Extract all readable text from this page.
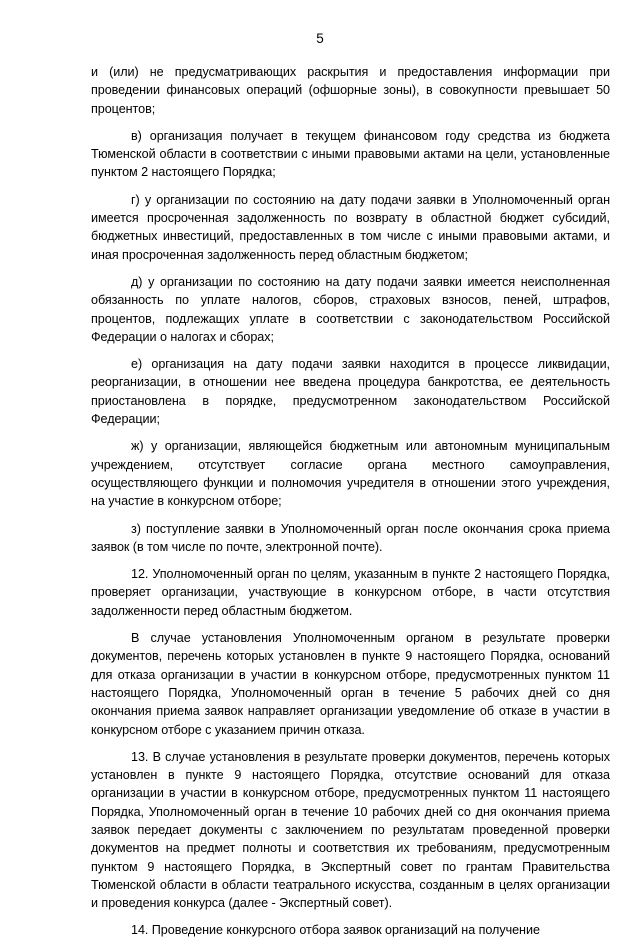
5

и (или) не предусматривающих раскрытия и предоставления информации при проведении финансовых операций (офшорные зоны), в совокупности превышает 50 процентов;

в) организация получает в текущем финансовом году средства из бюджета Тюменской области в соответствии с иными правовыми актами на цели, установленные пунктом 2 настоящего Порядка;

г) у организации по состоянию на дату подачи заявки в Уполномоченный орган имеется просроченная задолженность по возврату в областной бюджет субсидий, бюджетных инвестиций, предоставленных в том числе с иными правовыми актами, и иная просроченная задолженность перед областным бюджетом;

д) у организации по состоянию на дату подачи заявки имеется неисполненная обязанность по уплате налогов, сборов, страховых взносов, пеней, штрафов, процентов, подлежащих уплате в соответствии с законодательством Российской Федерации о налогах и сборах;

е) организация на дату подачи заявки находится в процессе ликвидации, реорганизации, в отношении нее введена процедура банкротства, ее деятельность приостановлена в порядке, предусмотренном законодательством Российской Федерации;

ж) у организации, являющейся бюджетным или автономным муниципальным учреждением, отсутствует согласие органа местного самоуправления, осуществляющего функции и полномочия учредителя в отношении этого учреждения, на участие в конкурсном отборе;

з) поступление заявки в Уполномоченный орган после окончания срока приема заявок (в том числе по почте, электронной почте).

12. Уполномоченный орган по целям, указанным в пункте 2 настоящего Порядка, проверяет организации, участвующие в конкурсном отборе, в части отсутствия задолженности перед областным бюджетом.

В случае установления Уполномоченным органом в результате проверки документов, перечень которых установлен в пункте 9 настоящего Порядка, оснований для отказа организации в участии в конкурсном отборе, предусмотренных пунктом 11 настоящего Порядка, Уполномоченный орган в течение 5 рабочих дней со дня окончания приема заявок направляет организации уведомление об отказе в участии в конкурсном отборе с указанием причин отказа.

13. В случае установления в результате проверки документов, перечень которых установлен в пункте 9 настоящего Порядка, отсутствие оснований для отказа организации в участии в конкурсном отборе, предусмотренных пунктом 11 настоящего Порядка, Уполномоченный орган в течение 10 рабочих дней со дня окончания приема заявок передает документы с заключением по результатам проведенной проверки документов на предмет полноты и соответствия их требованиям, предусмотренным пунктом 9 настоящего Порядка, в Экспертный совет по грантам Правительства Тюменской области в области театрального искусства, созданным в целях организации и проведения конкурса (далее - Экспертный совет).

14. Проведение конкурсного отбора заявок организаций на получение
